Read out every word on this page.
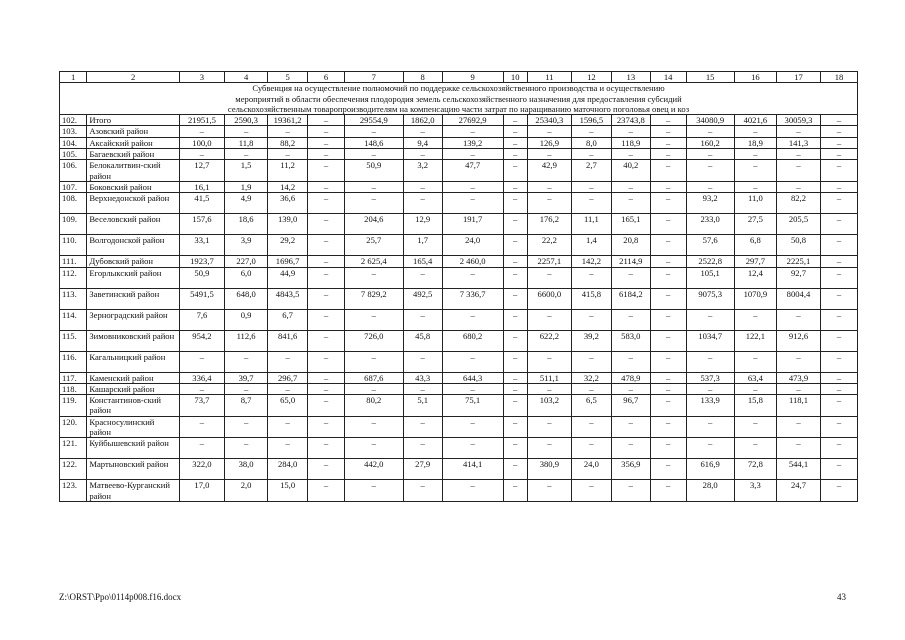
1	2	3	4	5	6	7	8	9	10	11	12	13	14	15	16	17	18

Субвенция на осуществление полномочий по поддержке сельскохозяйственного производства и осуществлению
мероприятий в области обеспечения плодородия земель сельскохозяйственного назначения для предоставления субсидий
сельскохозяйственным товаропроизводителям на компенсацию части затрат по наращиванию маточного поголовья овец и коз																	

102.	Итого	21951,5	2590,3	19361,2	–	29554,9	1862,0	27692,9	–	25340,3	1596,5	23743,8	–	34080,9	4021,6	30059,3	–
103.	Азовский район	–	–	–	–	–	–	–	–	–	–	–	–	–	–	–	–
104.	Аксайский район	100,0	11,8	88,2	–	148,6	9,4	139,2	–	126,9	8,0	118,9	–	160,2	18,9	141,3	–
105.	Багаевский район	–	–	–	–	–	–	–	–	–	–	–	–	–	–	–	–
106.	Белокалитвин-ский район	12,7	1,5	11,2	–	50,9	3,2	47,7	–	42,9	2,7	40,2	–	–	–	–	–
107.	Боковский район	16,1	1,9	14,2	–	–	–	–	–	–	–	–	–	–	–	–	–
108.	Верхнедонской район	41,5	4,9	36,6	–	–	–	–	–	–	–	–	–	93,2	11,0	82,2	–
109.	Веселовский район	157,6	18,6	139,0	–	204,6	12,9	191,7	–	176,2	11,1	165,1	–	233,0	27,5	205,5	–
110.	Волгодонской район	33,1	3,9	29,2	–	25,7	1,7	24,0	–	22,2	1,4	20,8	–	57,6	6,8	50,8	–
111.	Дубовский район	1923,7	227,0	1696,7	–	2 625,4	165,4	2 460,0	–	2257,1	142,2	2114,9	–	2522,8	297,7	2225,1	–
112.	Егорлыкский район	50,9	6,0	44,9	–	–	–	–	–	–	–	–	–	105,1	12,4	92,7	–
113.	Заветинский район	5491,5	648,0	4843,5	–	7 829,2	492,5	7 336,7	–	6600,0	415,8	6184,2	–	9075,3	1070,9	8004,4	–
114.	Зерноградский район	7,6	0,9	6,7	–	–	–	–	–	–	–	–	–	–	–	–	–
115.	Зимовниковский район	954,2	112,6	841,6	–	726,0	45,8	680,2	–	622,2	39,2	583,0	–	1034,7	122,1	912,6	–
116.	Кагальницкий район	–	–	–	–	–	–	–	–	–	–	–	–	–	–	–	–
117.	Каменский район	336,4	39,7	296,7	–	687,6	43,3	644,3	–	511,1	32,2	478,9	–	537,3	63,4	473,9	–
118.	Кашарский район	–	–	–	–	–	–	–	–	–	–	–	–	–	–	–	–
119.	Константинов-ский район	73,7	8,7	65,0	–	80,2	5,1	75,1	–	103,2	6,5	96,7	–	133,9	15,8	118,1	–
120.	Красносулинский район	–	–	–	–	–	–	–	–	–	–	–	–	–	–	–	–
121.	Куйбышевский район	–	–	–	–	–	–	–	–	–	–	–	–	–	–	–	–
122.	Мартыновский район	322,0	38,0	284,0	–	442,0	27,9	414,1	–	380,9	24,0	356,9	–	616,9	72,8	544,1	–
123.	Матвеево-Курганский район	17,0	2,0	15,0	–	–	–	–	–	–	–	–	–	28,0	3,3	24,7	–
Z:\ORST\Ppo\0114p008.f16.docx	43
